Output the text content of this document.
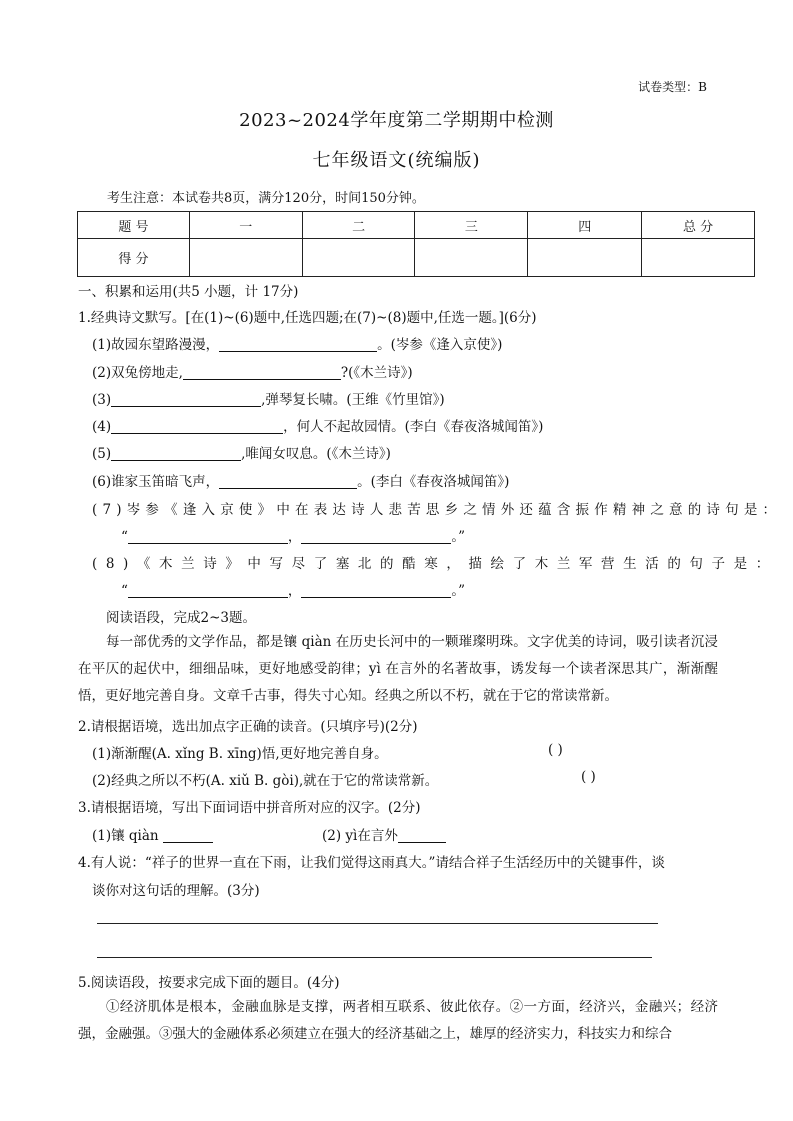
试卷类型：B
2023~2024学年度第二学期期中检测
七年级语文(统编版)
考生注意：本试卷共8页，满分120分，时间150分钟。
题 号	一	二	三	四	总 分
得 分					
一、积累和运用(共5 小题，计 17分)
1.经典诗文默写。[在(1)~(6)题中,任选四题;在(7)~(8)题中,任选一题。](6分)
(1)故园东望路漫漫，	。(岑参《逢入京使》)
(2)双兔傍地走,	?(《木兰诗》)
(3)	,弹琴复长啸。(王维《竹里馆》)
(4)	，何人不起故园情。(李白《春夜洛城闻笛》)
(5)	,唯闻女叹息。(《木兰诗》)
(6)谁家玉笛暗飞声，	。(李白《春夜洛城闻笛》)
(7)岑参《逢入京使》中在表达诗人悲苦思乡之情外还蕴含振作精神之意的诗句是：
“	，	。”
(8)《木兰诗》中写尽了塞北的酷寒，描绘了木兰军营生活的句子是：
“	，	。”
阅读语段，完成2~3题。
每一部优秀的文学作品，都是镶 qiàn 在历史长河中的一颗璀璨明珠。文字优美的诗词，吸引读者沉浸在平仄的起伏中，细细品味，更好地感受韵律；yì 在言外的名著故事，诱发每一个读者深思其广，渐渐醒悟，更好地完善自身。文章千古事，得失寸心知。经典之所以不朽，就在于它的常读常新。
2.请根据语境，选出加点字正确的读音。(只填序号)(2分)
(1)渐渐醒(A. xǐng B. xīng)悟,更好地完善自身。	( )
(2)经典之所以不朽(A. xiǔ B. gòi),就在于它的常读常新。	( )
3.请根据语境，写出下面词语中拼音所对应的汉字。(2分)
(1)镶 qiàn	(2) yì在言外
4.有人说：“祥子的世界一直在下雨，让我们觉得这雨真大。”请结合祥子生活经历中的关键事件，谈
谈你对这句话的理解。(3分)
5.阅读语段，按要求完成下面的题目。(4分)
①经济肌体是根本，金融血脉是支撑，两者相互联系、彼此依存。②一方面，经济兴，金融兴；经济强，金融强。③强大的金融体系必须建立在强大的经济基础之上，雄厚的经济实力，科技实力和综合
